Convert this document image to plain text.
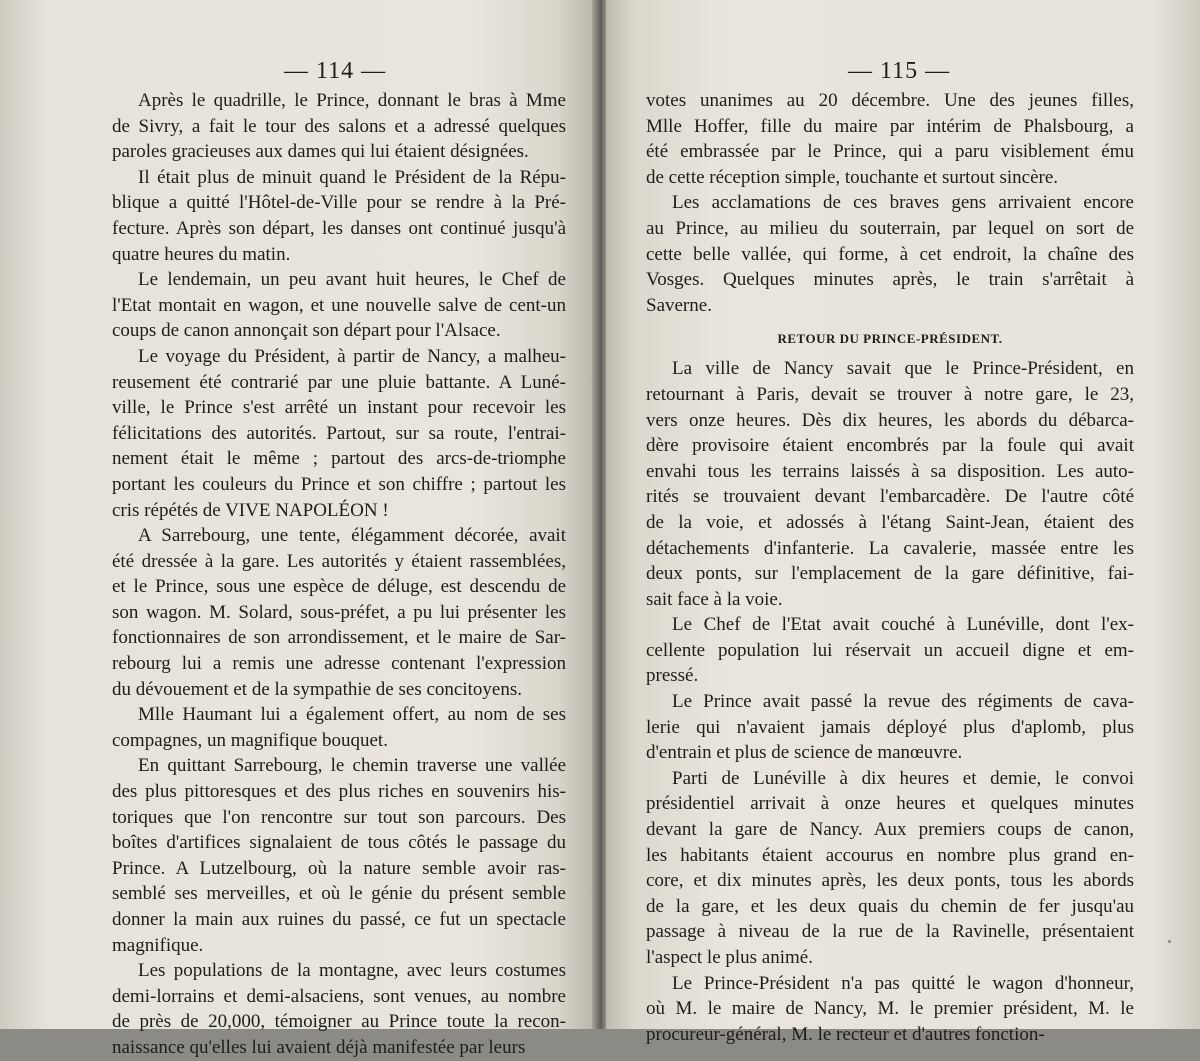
— 114 —
Après le quadrille, le Prince, donnant le bras à Mme
de Sivry, a fait le tour des salons et a adressé quelques
paroles gracieuses aux dames qui lui étaient désignées.
Il était plus de minuit quand le Président de la Répu-
blique a quitté l'Hôtel-de-Ville pour se rendre à la Pré-
fecture. Après son départ, les danses ont continué jusqu'à
quatre heures du matin.
Le lendemain, un peu avant huit heures, le Chef de
l'Etat montait en wagon, et une nouvelle salve de cent-un
coups de canon annonçait son départ pour l'Alsace.
Le voyage du Président, à partir de Nancy, a malheu-
reusement été contrarié par une pluie battante. A Luné-
ville, le Prince s'est arrêté un instant pour recevoir les
félicitations des autorités. Partout, sur sa route, l'entrai-
nement était le même ; partout des arcs-de-triomphe
portant les couleurs du Prince et son chiffre ; partout les
cris répétés de VIVE NAPOLÉON !
A Sarrebourg, une tente, élégamment décorée, avait
été dressée à la gare. Les autorités y étaient rassemblées,
et le Prince, sous une espèce de déluge, est descendu de
son wagon. M. Solard, sous-préfet, a pu lui présenter les
fonctionnaires de son arrondissement, et le maire de Sar-
rebourg lui a remis une adresse contenant l'expression
du dévouement et de la sympathie de ses concitoyens.
Mlle Haumant lui a également offert, au nom de ses
compagnes, un magnifique bouquet.
En quittant Sarrebourg, le chemin traverse une vallée
des plus pittoresques et des plus riches en souvenirs his-
toriques que l'on rencontre sur tout son parcours. Des
boîtes d'artifices signalaient de tous côtés le passage du
Prince. A Lutzelbourg, où la nature semble avoir ras-
semblé ses merveilles, et où le génie du présent semble
donner la main aux ruines du passé, ce fut un spectacle
magnifique.
Les populations de la montagne, avec leurs costumes
demi-lorrains et demi-alsaciens, sont venues, au nombre
de près de 20,000, témoigner au Prince toute la recon-
naissance qu'elles lui avaient déjà manifestée par leurs
— 115 —
votes unanimes au 20 décembre. Une des jeunes filles,
Mlle Hoffer, fille du maire par intérim de Phalsbourg, a
été embrassée par le Prince, qui a paru visiblement ému
de cette réception simple, touchante et surtout sincère.
Les acclamations de ces braves gens arrivaient encore
au Prince, au milieu du souterrain, par lequel on sort de
cette belle vallée, qui forme, à cet endroit, la chaîne des
Vosges. Quelques minutes après, le train s'arrêtait à
Saverne.
RETOUR DU PRINCE-PRÉSIDENT.
La ville de Nancy savait que le Prince-Président, en
retournant à Paris, devait se trouver à notre gare, le 23,
vers onze heures. Dès dix heures, les abords du débarca-
dère provisoire étaient encombrés par la foule qui avait
envahi tous les terrains laissés à sa disposition. Les auto-
rités se trouvaient devant l'embarcadère. De l'autre côté
de la voie, et adossés à l'étang Saint-Jean, étaient des
détachements d'infanterie. La cavalerie, massée entre les
deux ponts, sur l'emplacement de la gare définitive, fai-
sait face à la voie.
Le Chef de l'Etat avait couché à Lunéville, dont l'ex-
cellente population lui réservait un accueil digne et em-
pressé.
Le Prince avait passé la revue des régiments de cava-
lerie qui n'avaient jamais déployé plus d'aplomb, plus
d'entrain et plus de science de manœuvre.
Parti de Lunéville à dix heures et demie, le convoi
présidentiel arrivait à onze heures et quelques minutes
devant la gare de Nancy. Aux premiers coups de canon,
les habitants étaient accourus en nombre plus grand en-
core, et dix minutes après, les deux ponts, tous les abords
de la gare, et les deux quais du chemin de fer jusqu'au
passage à niveau de la rue de la Ravinelle, présentaient
l'aspect le plus animé.
Le Prince-Président n'a pas quitté le wagon d'honneur,
où M. le maire de Nancy, M. le premier président, M. le
procureur-général, M. le recteur et d'autres fonction-
